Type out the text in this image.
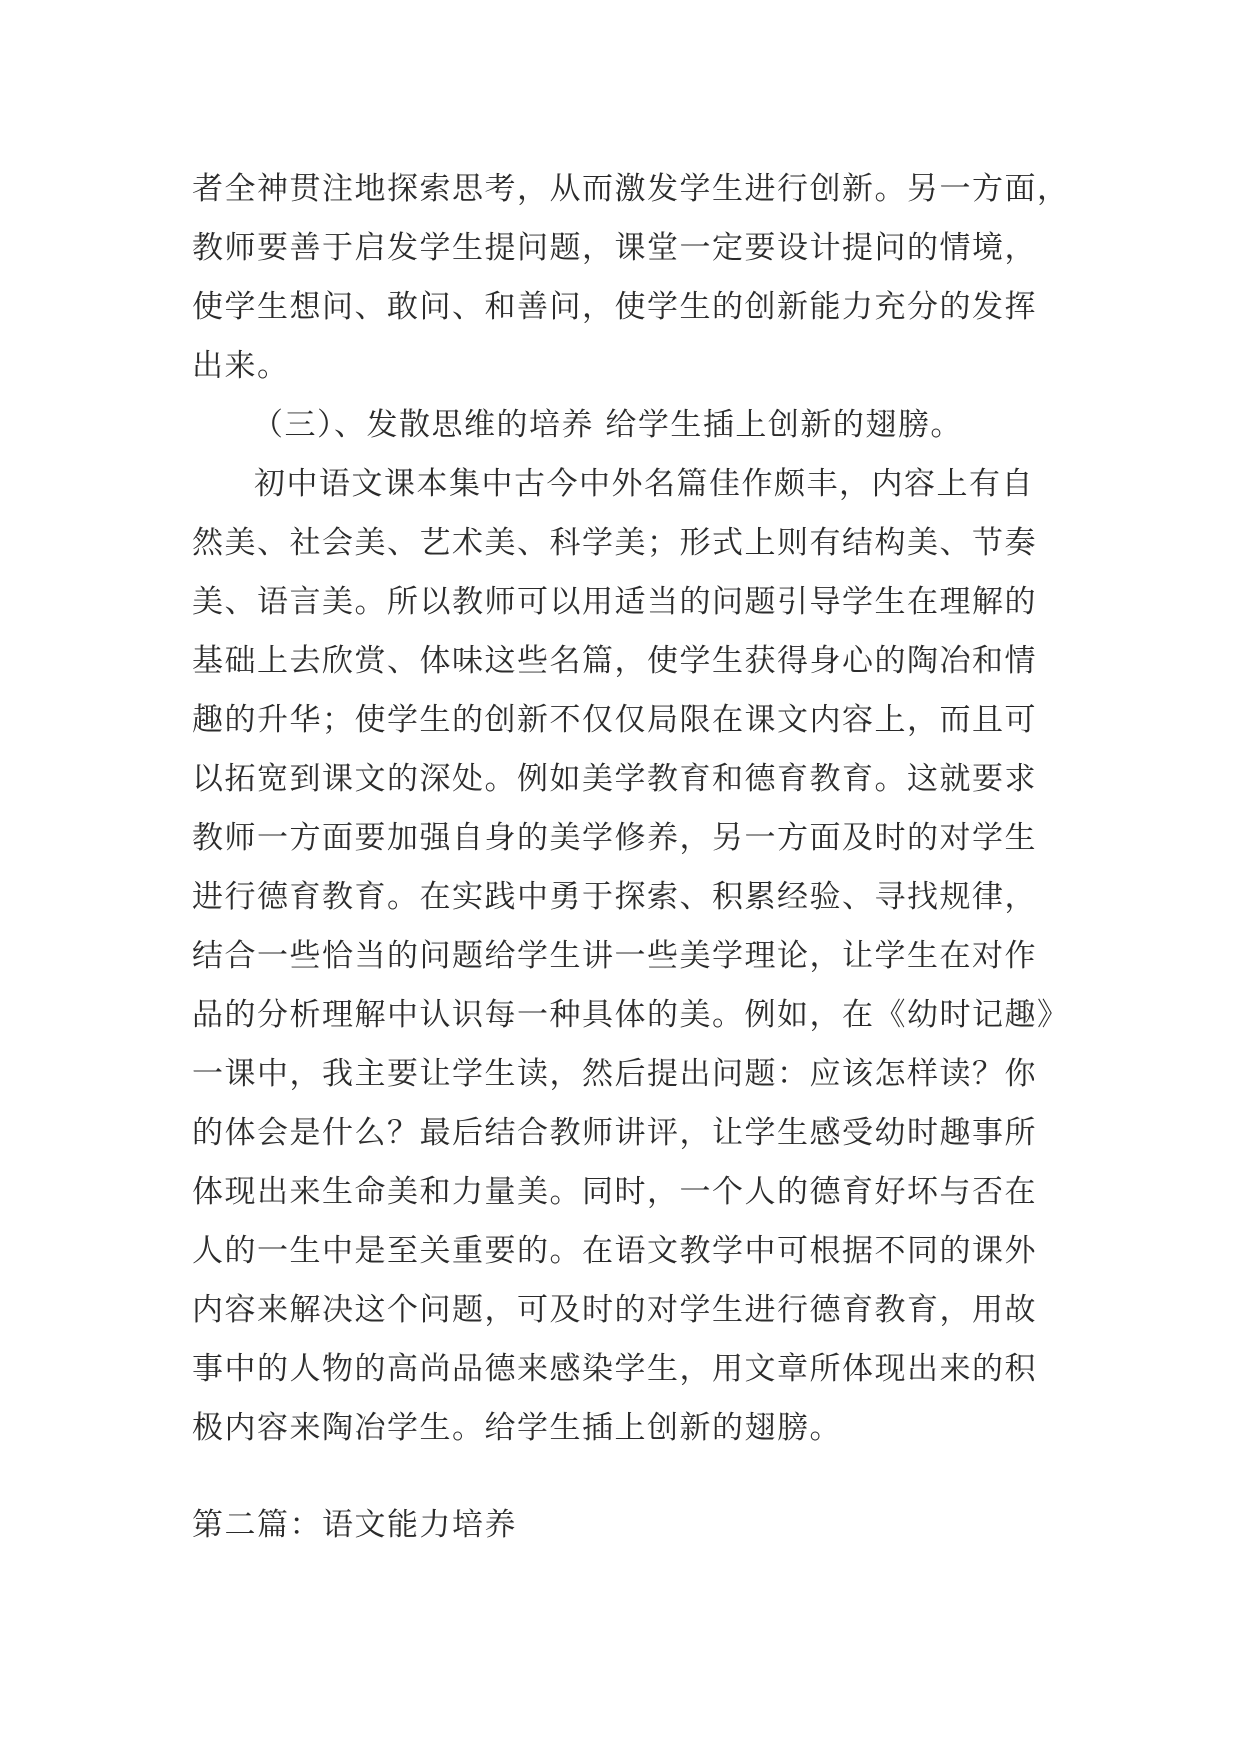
者全神贯注地探索思考，从而激发学生进行创新。另一方面，
教师要善于启发学生提问题，课堂一定要设计提问的情境，
使学生想问、敢问、和善问，使学生的创新能力充分的发挥
出来。
（三）、发散思维的培养 给学生插上创新的翅膀。
初中语文课本集中古今中外名篇佳作颇丰，内容上有自
然美、社会美、艺术美、科学美；形式上则有结构美、节奏
美、语言美。所以教师可以用适当的问题引导学生在理解的
基础上去欣赏、体味这些名篇，使学生获得身心的陶冶和情
趣的升华；使学生的创新不仅仅局限在课文内容上，而且可
以拓宽到课文的深处。例如美学教育和德育教育。这就要求
教师一方面要加强自身的美学修养，另一方面及时的对学生
进行德育教育。在实践中勇于探索、积累经验、寻找规律，
结合一些恰当的问题给学生讲一些美学理论，让学生在对作
品的分析理解中认识每一种具体的美。例如，在《幼时记趣》
一课中，我主要让学生读，然后提出问题：应该怎样读？你
的体会是什么？最后结合教师讲评，让学生感受幼时趣事所
体现出来生命美和力量美。同时，一个人的德育好坏与否在
人的一生中是至关重要的。在语文教学中可根据不同的课外
内容来解决这个问题，可及时的对学生进行德育教育，用故
事中的人物的高尚品德来感染学生，用文章所体现出来的积
极内容来陶冶学生。给学生插上创新的翅膀。
第二篇：语文能力培养
